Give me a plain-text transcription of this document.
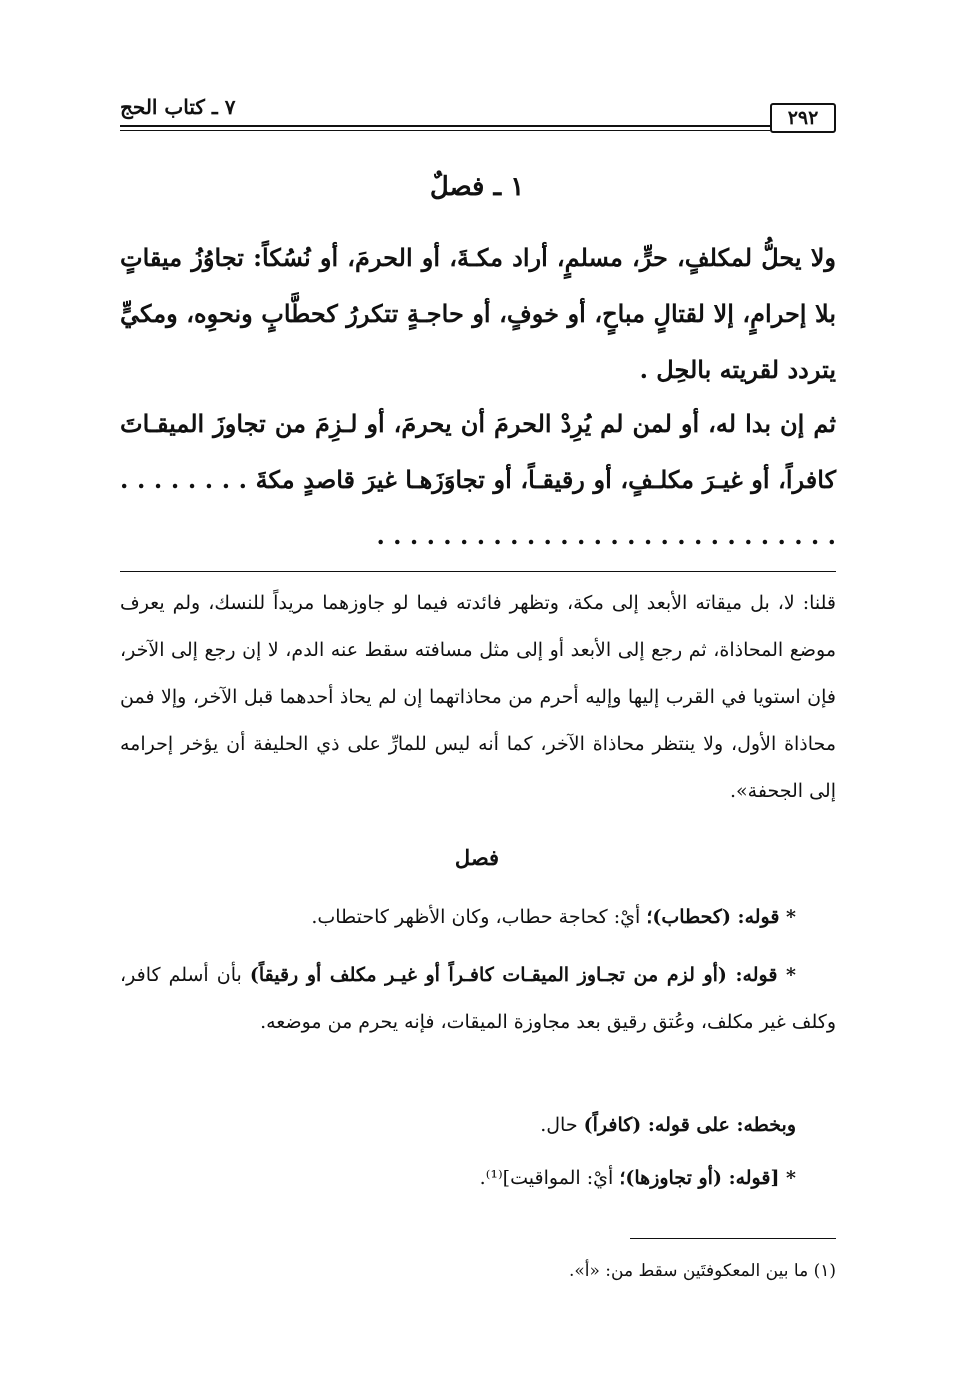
٢٩٢
٧ ـ كتاب الحج
١ ـ فصلٌ
ولا يحلُّ لمكلفٍ، حرٍّ، مسلمٍ، أراد مكـةَ، أو الحرمَ، أو نُسُكاً: تجاوُزُ ميقاتٍ بلا إحرامٍ، إلا لقتالٍ مباحٍ، أو خوفٍ، أو حاجـةٍ تتكررُ كحطَّابٍ ونحوِه، ومكيٍّ يتردد لقريته بالحِل .
ثم إن بدا له، أو لمن لم يُرِدْ الحرمَ أن يحرمَ، أو لـزِمَ من تجاوزَ الميقـاتَ كافراً، أو غيـرَ مكلـفٍ، أو رقيقـاً، أو تجاوَزَهـا غيرَ قاصدٍ مكةَ . . . . . . . . . . . . . . . . . . . . . . . . . . . . . . . . . . . .
قلنا: لا، بل ميقاته الأبعد إلى مكة، وتظهر فائدته فيما لو جاوزهما مريداً للنسك، ولم يعرف موضع المحاذاة، ثم رجع إلى الأبعد أو إلى مثل مسافته سقط عنه الدم، لا إن رجع إلى الآخر، فإن استويا في القرب إليها وإليه أحرم من محاذاتهما إن لم يحاذ أحدهما قبل الآخر، وإلا فمن محاذاة الأول، ولا ينتظر محاذاة الآخر، كما أنه ليس للمارِّ على ذي الحليفة أن يؤخر إحرامه إلى الجحفة».
فصل
* قوله: (كحطاب)؛ أيْ: كحاجة حطاب، وكان الأظهر كاحتطاب.
* قوله: (أو لزم من تجـاوز الميقـات كافـراً أو غيـر مكلف أو رقيقاً) بأن أسلم كافر، وكلف غير مكلف، وعُتق رقيق بعد مجاوزة الميقات، فإنه يحرم من موضعه.
وبخطه: على قوله: (كافراً) حال.
* [قوله: (أو تجاوزها)؛ أيْ: المواقيت]⁽¹⁾.
(١) ما بين المعكوفتَين سقط من: «أ».
